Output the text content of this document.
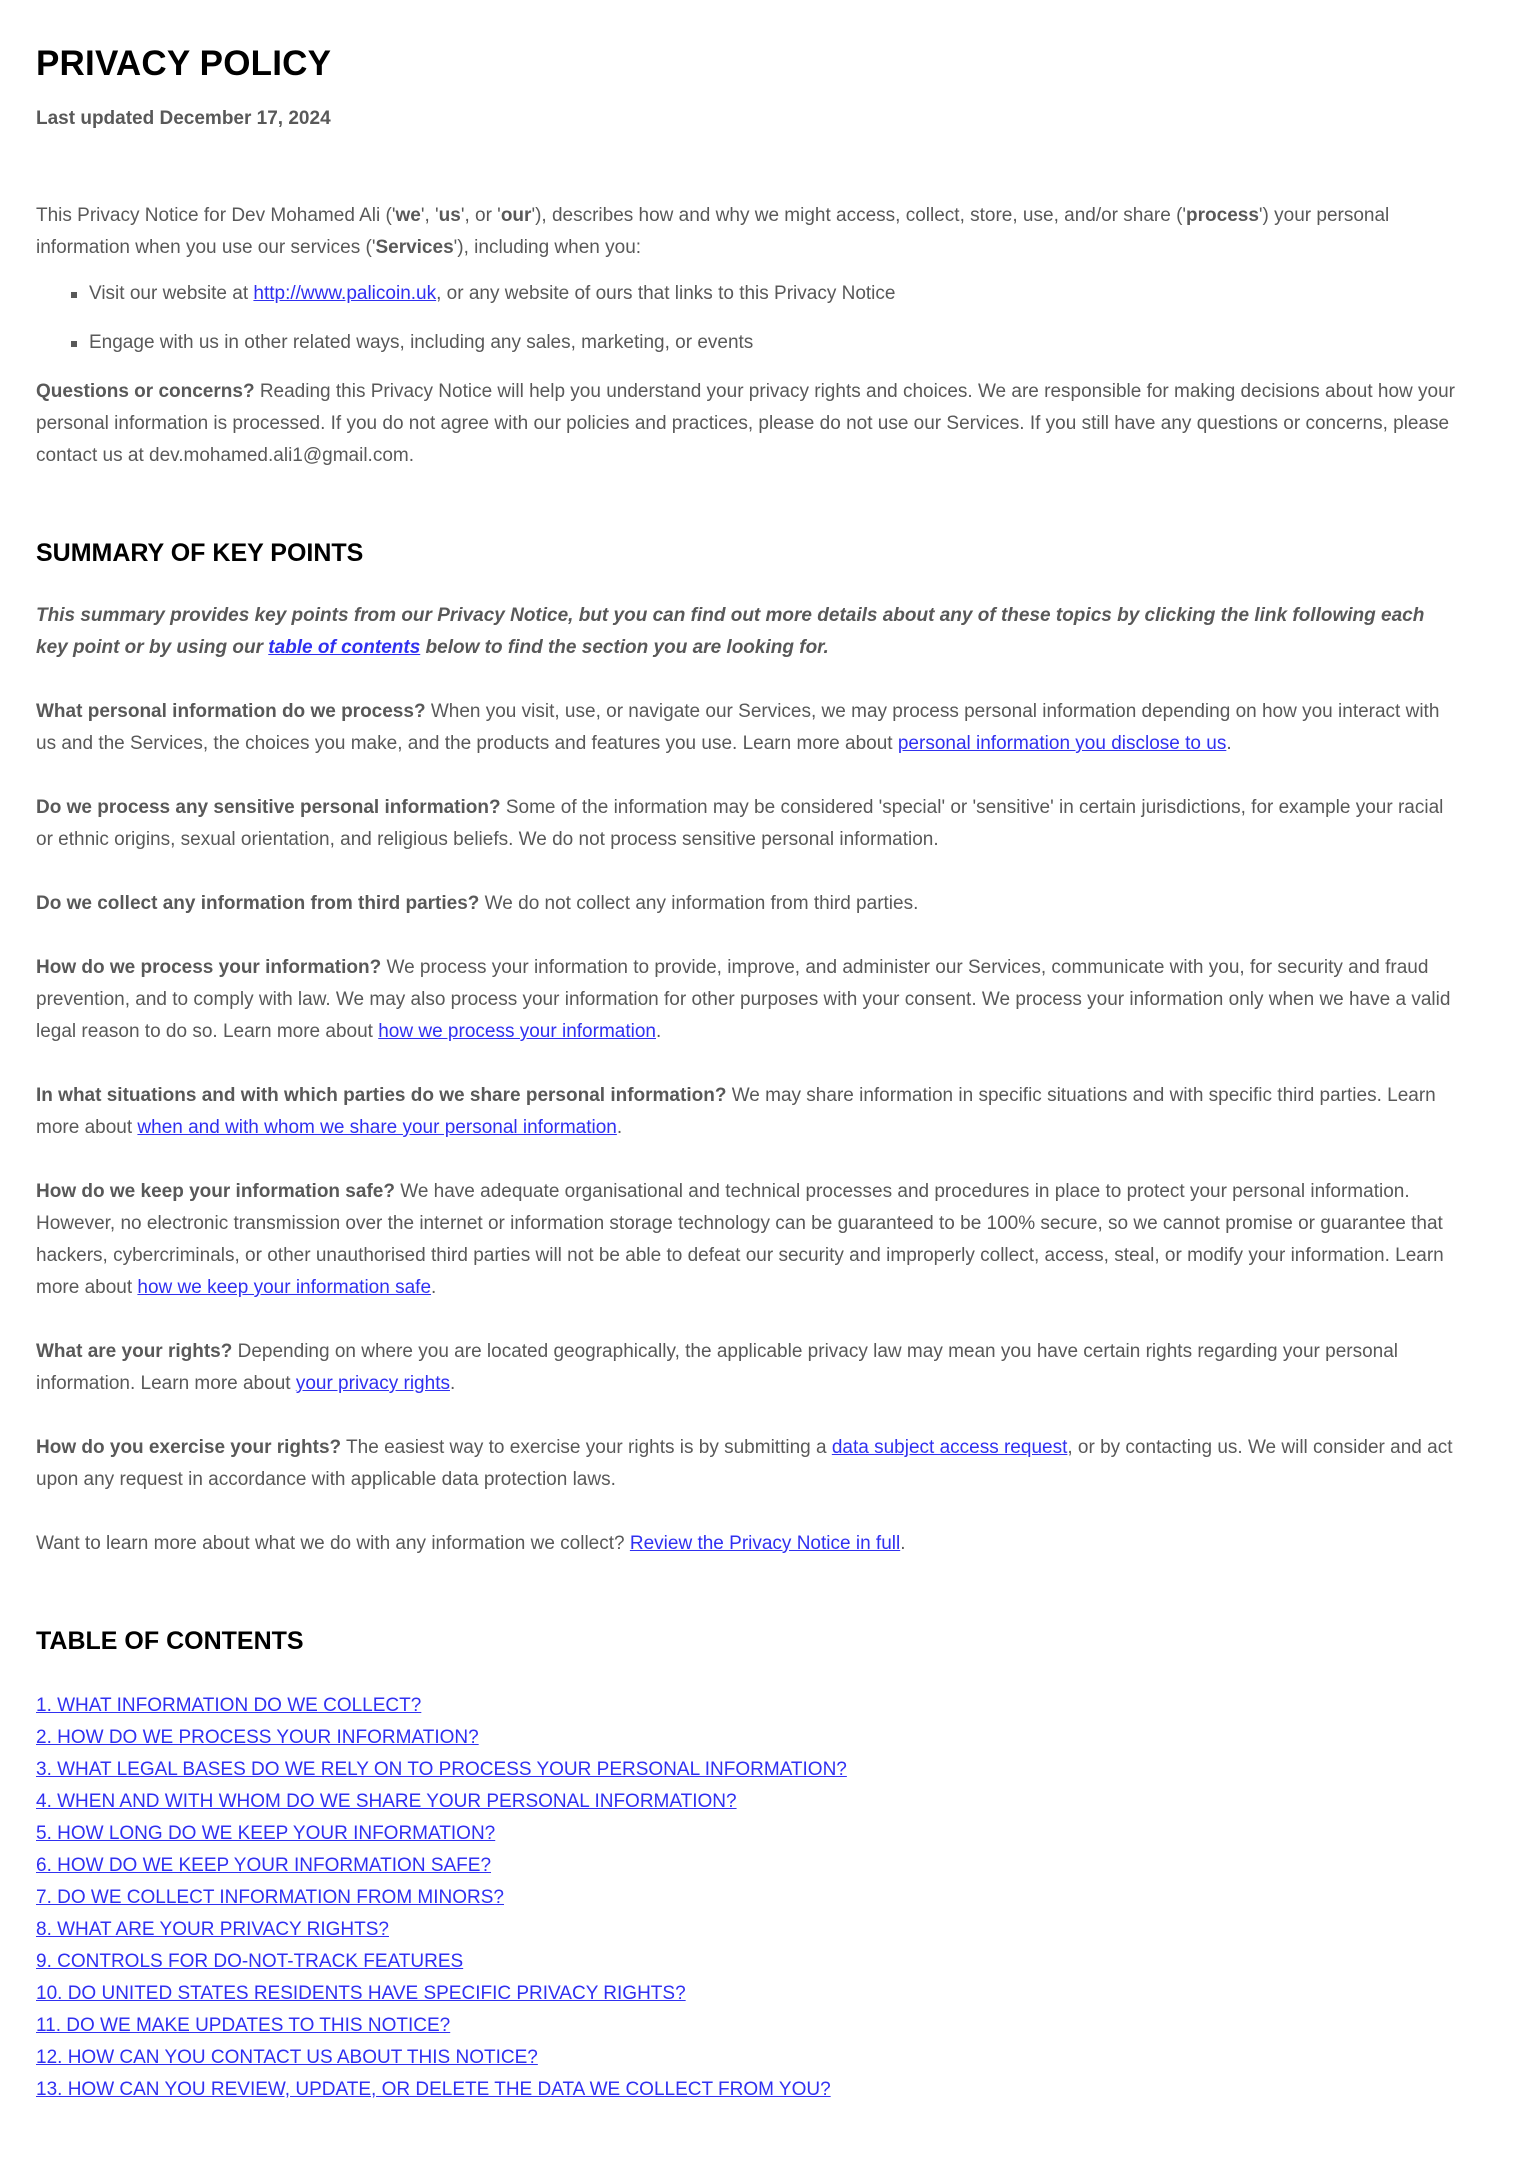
PRIVACY POLICY
Last updated December 17, 2024

This Privacy Notice for Dev Mohamed Ali ('we', 'us', or 'our'), describes how and why we might access, collect, store, use, and/or share ('process') your personal information when you use our services ('Services'), including when you:

Visit our website at http://www.palicoin.uk, or any website of ours that links to this Privacy Notice
Engage with us in other related ways, including any sales, marketing, or events

Questions or concerns? Reading this Privacy Notice will help you understand your privacy rights and choices. We are responsible for making decisions about how your personal information is processed. If you do not agree with our policies and practices, please do not use our Services. If you still have any questions or concerns, please contact us at dev.mohamed.ali1@gmail.com.

SUMMARY OF KEY POINTS

This summary provides key points from our Privacy Notice, but you can find out more details about any of these topics by clicking the link following each key point or by using our table of contents below to find the section you are looking for.

What personal information do we process? When you visit, use, or navigate our Services, we may process personal information depending on how you interact with us and the Services, the choices you make, and the products and features you use. Learn more about personal information you disclose to us.

Do we process any sensitive personal information? Some of the information may be considered 'special' or 'sensitive' in certain jurisdictions, for example your racial or ethnic origins, sexual orientation, and religious beliefs. We do not process sensitive personal information.

Do we collect any information from third parties? We do not collect any information from third parties.

How do we process your information? We process your information to provide, improve, and administer our Services, communicate with you, for security and fraud prevention, and to comply with law. We may also process your information for other purposes with your consent. We process your information only when we have a valid legal reason to do so. Learn more about how we process your information.

In what situations and with which parties do we share personal information? We may share information in specific situations and with specific third parties. Learn more about when and with whom we share your personal information.

How do we keep your information safe? We have adequate organisational and technical processes and procedures in place to protect your personal information. However, no electronic transmission over the internet or information storage technology can be guaranteed to be 100% secure, so we cannot promise or guarantee that hackers, cybercriminals, or other unauthorised third parties will not be able to defeat our security and improperly collect, access, steal, or modify your information. Learn more about how we keep your information safe.

What are your rights? Depending on where you are located geographically, the applicable privacy law may mean you have certain rights regarding your personal information. Learn more about your privacy rights.

How do you exercise your rights? The easiest way to exercise your rights is by submitting a data subject access request, or by contacting us. We will consider and act upon any request in accordance with applicable data protection laws.

Want to learn more about what we do with any information we collect? Review the Privacy Notice in full.

TABLE OF CONTENTS
1. WHAT INFORMATION DO WE COLLECT?
2. HOW DO WE PROCESS YOUR INFORMATION?
3. WHAT LEGAL BASES DO WE RELY ON TO PROCESS YOUR PERSONAL INFORMATION?
4. WHEN AND WITH WHOM DO WE SHARE YOUR PERSONAL INFORMATION?
5. HOW LONG DO WE KEEP YOUR INFORMATION?
6. HOW DO WE KEEP YOUR INFORMATION SAFE?
7. DO WE COLLECT INFORMATION FROM MINORS?
8. WHAT ARE YOUR PRIVACY RIGHTS?
9. CONTROLS FOR DO-NOT-TRACK FEATURES
10. DO UNITED STATES RESIDENTS HAVE SPECIFIC PRIVACY RIGHTS?
11. DO WE MAKE UPDATES TO THIS NOTICE?
12. HOW CAN YOU CONTACT US ABOUT THIS NOTICE?
13. HOW CAN YOU REVIEW, UPDATE, OR DELETE THE DATA WE COLLECT FROM YOU?
